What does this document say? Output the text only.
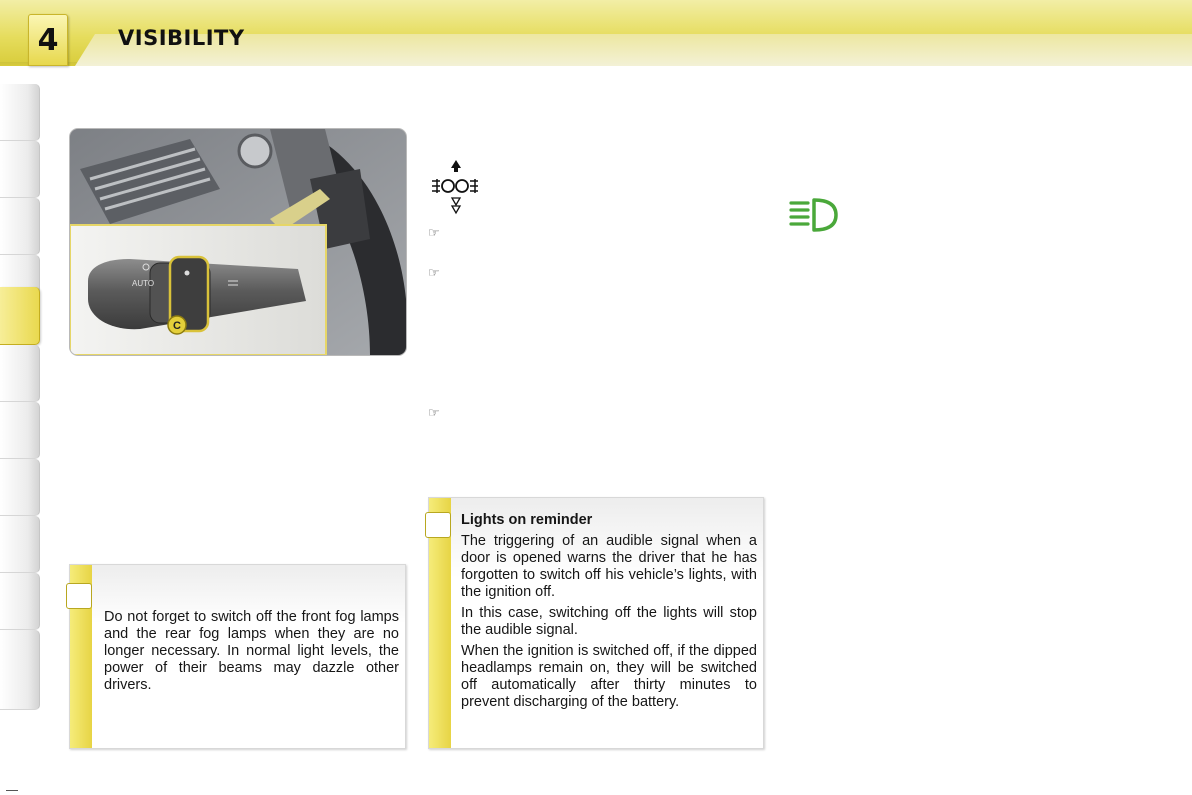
4	VISIBILITY
AUTO
C
☞
☞
☞

Do not forget to switch off the front fog lamps and the rear fog lamps when they are no longer necessary. In normal light levels, the power of their beams may dazzle other drivers.

Lights on reminder

The triggering of an audible signal when a door is opened warns the driver that he has forgotten to switch off his vehicle’s lights, with the ignition off.

In this case, switching off the lights will stop the audible signal.

When the ignition is switched off, if the dipped headlamps remain on, they will be switched off automatically after thirty minutes to prevent discharging of the battery.
